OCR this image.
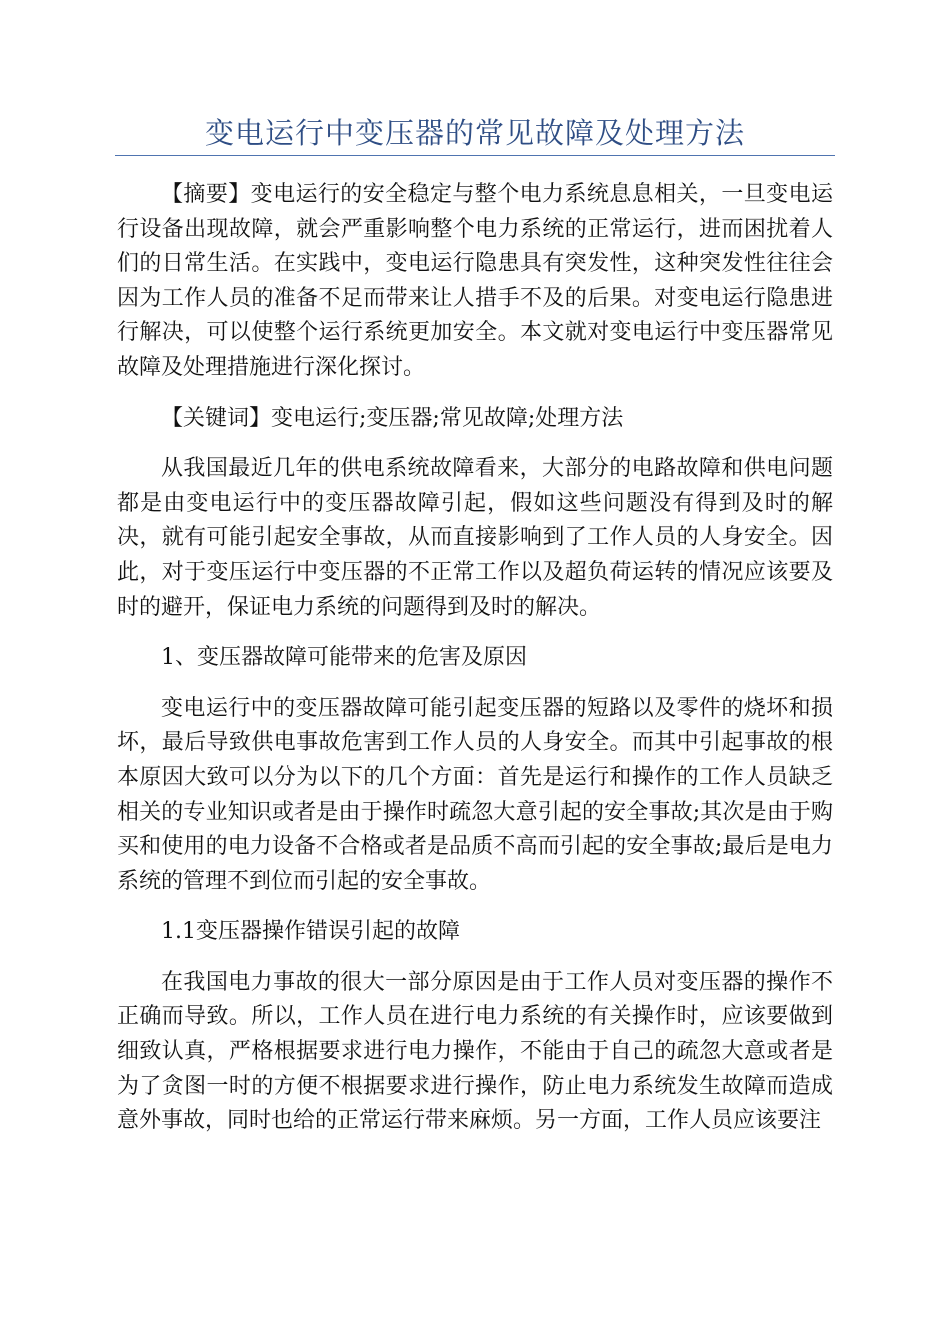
变电运行中变压器的常见故障及处理方法

【摘要】变电运行的安全稳定与整个电力系统息息相关，一旦变电运行设备出现故障，就会严重影响整个电力系统的正常运行，进而困扰着人们的日常生活。在实践中，变电运行隐患具有突发性，这种突发性往往会因为工作人员的准备不足而带来让人措手不及的后果。对变电运行隐患进行解决，可以使整个运行系统更加安全。本文就对变电运行中变压器常见故障及处理措施进行深化探讨。

【关键词】变电运行;变压器;常见故障;处理方法

从我国最近几年的供电系统故障看来，大部分的电路故障和供电问题都是由变电运行中的变压器故障引起，假如这些问题没有得到及时的解决，就有可能引起安全事故，从而直接影响到了工作人员的人身安全。因此，对于变压运行中变压器的不正常工作以及超负荷运转的情况应该要及时的避开，保证电力系统的问题得到及时的解决。

1、变压器故障可能带来的危害及原因

变电运行中的变压器故障可能引起变压器的短路以及零件的烧坏和损坏，最后导致供电事故危害到工作人员的人身安全。而其中引起事故的根本原因大致可以分为以下的几个方面：首先是运行和操作的工作人员缺乏相关的专业知识或者是由于操作时疏忽大意引起的安全事故;其次是由于购买和使用的电力设备不合格或者是品质不高而引起的安全事故;最后是电力系统的管理不到位而引起的安全事故。

1.1变压器操作错误引起的故障

在我国电力事故的很大一部分原因是由于工作人员对变压器的操作不正确而导致。所以，工作人员在进行电力系统的有关操作时，应该要做到细致认真，严格根据要求进行电力操作，不能由于自己的疏忽大意或者是为了贪图一时的方便不根据要求进行操作，防止电力系统发生故障而造成意外事故，同时也给的正常运行带来麻烦。另一方面，工作人员应该要注
